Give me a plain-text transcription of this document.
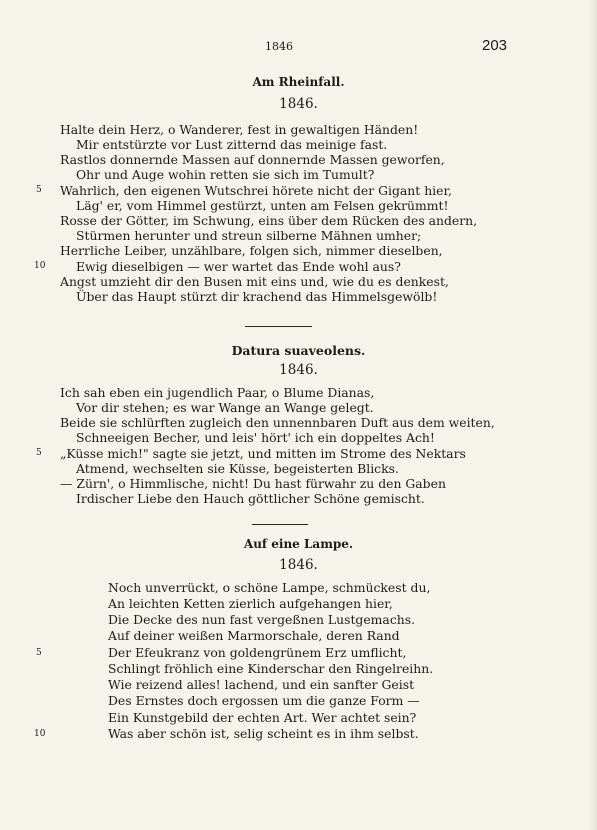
1846	203
Am Rheinfall.
1846.
Halte dein Herz, o Wanderer, fest in gewaltigen Händen!
Mir entstürzte vor Lust zitternd das meinige fast.
Rastlos donnernde Massen auf donnernde Massen geworfen,
Ohr und Auge wohin retten sie sich im Tumult?
5 Wahrlich, den eigenen Wutschrei hörete nicht der Gigant hier,
Läg' er, vom Himmel gestürzt, unten am Felsen gekrümmt!
Rosse der Götter, im Schwung, eins über dem Rücken des andern,
Stürmen herunter und streun silberne Mähnen umher;
Herrliche Leiber, unzählbare, folgen sich, nimmer dieselben,
10 Ewig dieselbigen — wer wartet das Ende wohl aus?
Angst umzieht dir den Busen mit eins und, wie du es denkest,
Über das Haupt stürzt dir krachend das Himmelsgewölb!
Datura suaveolens.
1846.
Ich sah eben ein jugendlich Paar, o Blume Dianas,
Vor dir stehen; es war Wange an Wange gelegt.
Beide sie schlürften zugleich den unnennbaren Duft aus dem weiten,
Schneeigen Becher, und leis' hört' ich ein doppeltes Ach!
5 „Küsse mich!" sagte sie jetzt, und mitten im Strome des Nektars
Atmend, wechselten sie Küsse, begeisterten Blicks.
— Zürn', o Himmlische, nicht! Du hast fürwahr zu den Gaben
Irdischer Liebe den Hauch göttlicher Schöne gemischt.
Auf eine Lampe.
1846.
Noch unverrückt, o schöne Lampe, schmückest du,
An leichten Ketten zierlich aufgehangen hier,
Die Decke des nun fast vergeßnen Lustgemachs.
Auf deiner weißen Marmorschale, deren Rand
5	Der Efeukranz von goldengrünem Erz umflicht,
Schlingt fröhlich eine Kinderschar den Ringelreihn.
Wie reizend alles! lachend, und ein sanfter Geist
Des Ernstes doch ergossen um die ganze Form —
Ein Kunstgebild der echten Art. Wer achtet sein?
10	Was aber schön ist, selig scheint es in ihm selbst.
